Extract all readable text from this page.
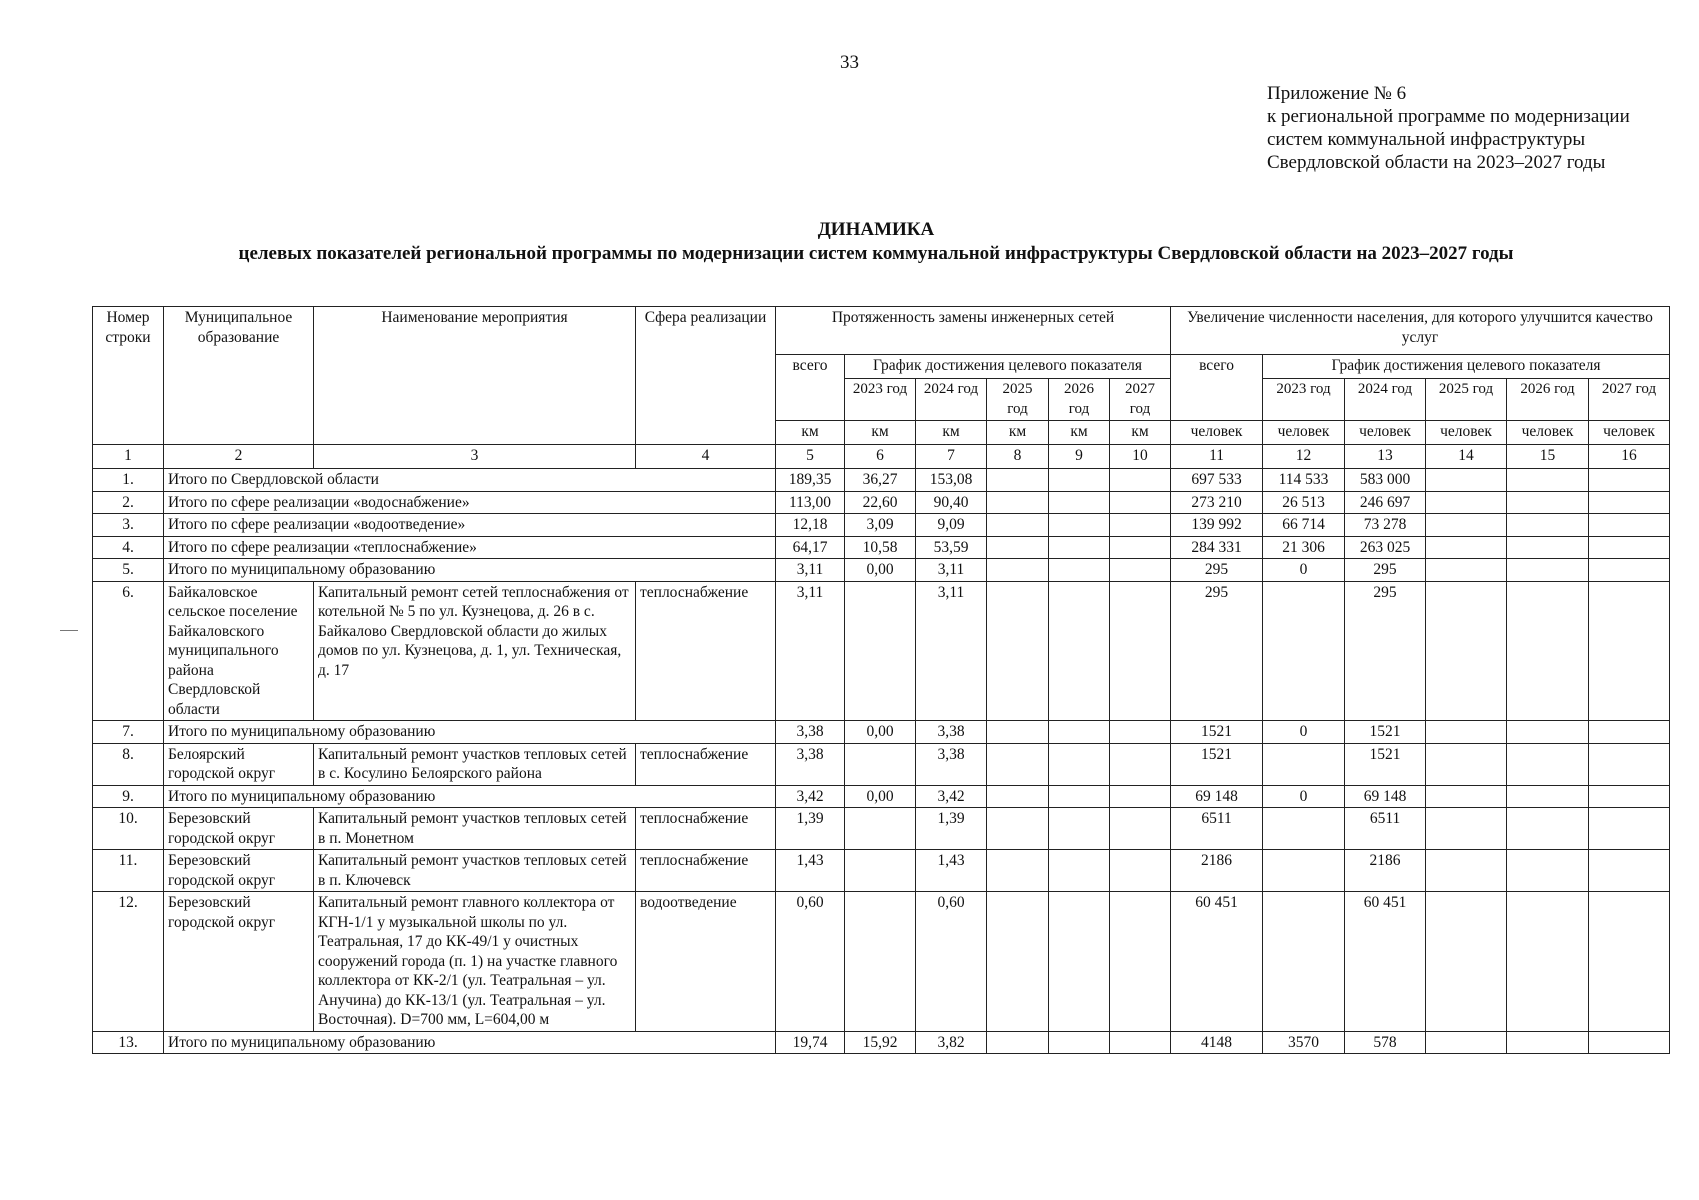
33
Приложение № 6
к региональной программе по модернизации
систем коммунальной инфраструктуры
Свердловской области на 2023–2027 годы
ДИНАМИКА
целевых показателей региональной программы по модернизации систем коммунальной инфраструктуры Свердловской области на 2023–2027 годы
Номер строки	Муниципальное образование	Наименование мероприятия	Сфера реализации	Протяженность замены инженерных сетей						Увеличение численности населения, для которого улучшится качество услуг					
				всего	График достижения целевого показателя					всего	График достижения целевого показателя				
					2023 год	2024 год	2025 год	2026 год	2027 год		2023 год	2024 год	2025 год	2026 год	2027 год
				км	км	км	км	км	км	человек	человек	человек	человек	человек	человек
1	2	3	4	5	6	7	8	9	10	11	12	13	14	15	16
1.	Итого по Свердловской области			189,35	36,27	153,08				697 533	114 533	583 000			
2.	Итого по сфере реализации «водоснабжение»			113,00	22,60	90,40				273 210	26 513	246 697			
3.	Итого по сфере реализации «водоотведение»			12,18	3,09	9,09				139 992	66 714	73 278			
4.	Итого по сфере реализации «теплоснабжение»			64,17	10,58	53,59				284 331	21 306	263 025			
5.	Итого по муниципальному образованию			3,11	0,00	3,11				295	0	295			
6.	Байкаловское сельское поселение Байкаловского муниципального района Свердловской области	Капитальный ремонт сетей теплоснабжения от котельной № 5 по ул. Кузнецова, д. 26 в с. Байкалово Свердловской области до жилых домов по ул. Кузнецова, д. 1, ул. Техническая, д. 17	теплоснабжение	3,11		3,11				295		295			
7.	Итого по муниципальному образованию			3,38	0,00	3,38				1521	0	1521			
8.	Белоярский городской округ	Капитальный ремонт участков тепловых сетей в с. Косулино Белоярского района	теплоснабжение	3,38		3,38				1521		1521			
9.	Итого по муниципальному образованию			3,42	0,00	3,42				69 148	0	69 148			
10.	Березовский городской округ	Капитальный ремонт участков тепловых сетей в п. Монетном	теплоснабжение	1,39		1,39				6511		6511			
11.	Березовский городской округ	Капитальный ремонт участков тепловых сетей в п. Ключевск	теплоснабжение	1,43		1,43				2186		2186			
12.	Березовский городской округ	Капитальный ремонт главного коллектора от КГН-1/1 у музыкальной школы по ул. Театральная, 17 до КК-49/1 у очистных сооружений города (п. 1) на участке главного коллектора от КК-2/1 (ул. Театральная – ул. Анучина) до КК-13/1 (ул. Театральная – ул. Восточная). D=700 мм, L=604,00 м	водоотведение	0,60		0,60				60 451		60 451			
13.	Итого по муниципальному образованию			19,74	15,92	3,82				4148	3570	578			
